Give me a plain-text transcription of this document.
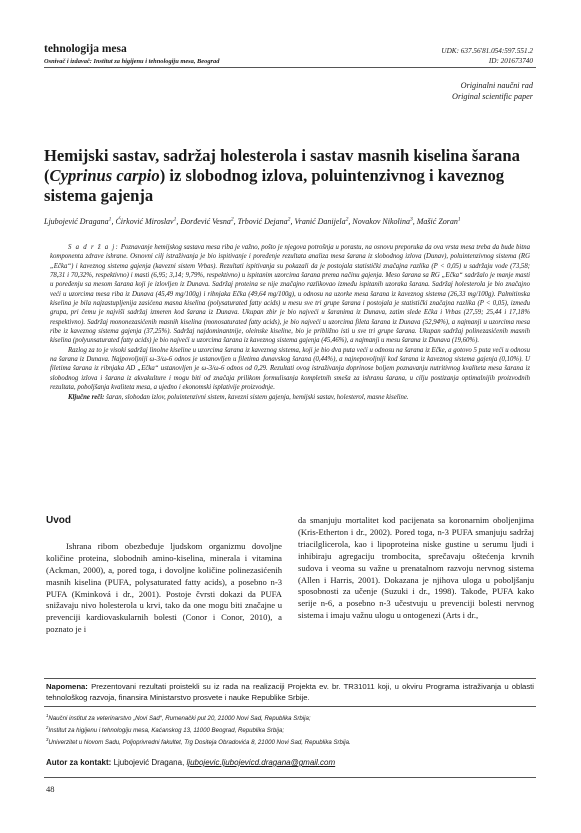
tehnologija mesa
Osnivač i izdavač: Institut za higijenu i tehnologiju mesa, Beograd
UDK: 637.56'81.054:597.551.2
ID: 201673740
Originalni naučni rad
Original scientific paper
Hemijski sastav, sadržaj holesterola i sastav masnih kiselina šarana (Cyprinus carpio) iz slobodnog izlova, poluintenzivnog i kaveznog sistema gajenja
Ljubojević Dragana$^1$, Ćirković Miroslav$^1$, Đorđević Vesna$^2$, Trbović Dejana$^2$, Vranić Danijela$^2$, Novakov Nikolina$^3$, Mašić Zoran$^1$

S a d r ž a j: Poznavanje hemijskog sastava mesa riba je važno, pošto je njegova potrošnja u porastu, na osnovu preporuka da ova vrsta mesa treba da bude bitna komponenta zdrave ishrane. Osnovni cilj istraživanja je bio ispitivanje i poređenje rezultata analiza mesa šarana iz slobodnog izlova (Dunav), poluintenzivnog sistema (RG „Ečka“) i kaveznog sistema gajenja (kavezni sistem Vrbas). Rezultati ispitivanja su pokazali da je postojala statistički značajna razlika (P < 0,05) u sadržaju vode (73,58; 78,31 i 70,32%, respektivno) i masti (6,95; 3,14; 9,79%, respektivno) u ispitanim uzorcima šarana prema načinu gajenja. Meso šarana sa RG „Ečka“ sadržalo je manje masti u poređenju sa mesom šarana koji je izlovljen iz Dunava. Sadržaj proteina se nije značajno razlikovao između ispitanih uzoraka šarana. Sadržaj holesterola je bio značajno veći u uzorcima mesa riba iz Dunava (45,49 mg/100g) i ribnjaka Ečka (49,64 mg/100g), u odnosu na uzorke mesa šarana iz kaveznog sistema (26,33 mg/100g). Palmitinska kiselina je bila najzastupljenija zasićena masna kiselina (polysaturated fatty acids) u mesu sve tri grupe šarana i postojala je statistički značajna razlika (P < 0,05), između grupa, pri čemu je najviši sadržaj izmeren kod šarana iz Dunava. Ukupan zbir je bio najveći u šaranima iz Dunava, zatim slede Ečka i Vrbas (27,59; 25,44 i 17,18% respektivno). Sadržaj mononezasićenih masnih kiselina (monosaturated fatty acids), je bio najveći u uzorcima fileta šarana iz Dunava (52,94%), a najmanji u uzorcima mesa ribe iz kaveznog sistema gajenja (37,25%). Sadržaj najdominantnije, oleinske kiseline, bio je približno isti u sve tri grupe šarana. Ukupan sadržaj polinezasićenih masnih kiselina (polyunsaturated fatty acids) je bio najveći u uzorcima šarana iz kaveznog sistema gajenja (45,46%), a najmanji u mesu šarana iz Dunava (19,60%).

Razlog za to je visoki sadržaj linolne kiseline u uzorcima šarana iz kaveznog sistema, koji je bio dva puta veći u odnosu na šarana iz Ečke, a gotovo 5 puta veći u odnosu na šarana iz Dunava. Najpovoljniji ω-3/ω-6 odnos je ustanovljen u filetima dunavskog šarana (0,44%), a najnepovoljniji kod šarana iz kaveznog sistema gajenja (0,10%). U filetima šarana iz ribnjaka AD „Ečka“ ustanovljen je ω-3/ω-6 odnos od 0,29. Rezultati ovog istraživanja doprinose boljem poznavanju nutritivnog kvaliteta mesa šarana iz slobodnog izlova i šarana iz akvakulture i mogu biti od značaja prilikom formulisanja kompletnih smeša za ishranu šarana, u cilju postizanja optimalnijih proizvodnih rezultata, poboljšanja kvaliteta mesa, a ujedno i ekonomski isplativije proizvodnje.

Ključne reči: šaran, slobodan izlov, poluintenzivni sistem, kavezni sistem gajenja, hemijski sastav, holesterol, masne kiseline.

Uvod

Ishrana ribom obezbeđuje ljudskom organizmu dovoljne količine proteina, slobodnih amino-kiselina, minerala i vitamina (Ackman, 2000), a, pored toga, i dovoljne količine polinezasićenih masnih kiselina (PUFA, polysaturated fatty acids), a posebno n-3 PUFA (Kminková i dr., 2001). Postoje čvrsti dokazi da PUFA snižavaju nivo holesterola u krvi, tako da one mogu biti značajne u prevenciji kardiovaskularnih bolesti (Conor i Conor, 2010), a poznato je i

da smanjuju mortalitet kod pacijenata sa koronarnim oboljenjima (Kris-Etherton i dr., 2002). Pored toga, n-3 PUFA smanjuju sadržaj triacilglicerola, kao i lipoproteina niske gustine u serumu ljudi i inhibiraju agregaciju trombocita, sprečavaju oštećenja krvnih sudova i veoma su važne u prenatalnom razvoju nervnog sistema (Allen i Harris, 2001). Dokazana je njihova uloga u poboljšanju sposobnosti za učenje (Suzuki i dr., 1998). Takođe, PUFA kako serije n-6, a posebno n-3 učestvuju u prevenciji bolesti nervnog sistema i imaju važnu ulogu u ontogenezi (Arts i dr.,

Napomena: Prezentovani rezultati proistekli su iz rada na realizaciji Projekta ev. br. TR31011 koji, u okviru Programa istraživanja u oblasti tehnološkog razvoja, finansira Ministarstvo prosvete i nauke Republike Srbije.
$^1$Naučni institut za veterinarstvo „Novi Sad“, Rumenački put 20, 21000 Novi Sad, Republika Srbija;
$^2$Institut za higijenu i tehnologiju mesa, Kaćanskog 13, 11000 Beograd, Republika Srbija;
$^3$Univerzitet u Novom Sadu, Poljoprivredni fakultet, Trg Dositeja Obradovića 8, 21000 Novi Sad, Republika Srbija.
Autor za kontakt: Ljubojević Dragana, ljubojevic.ljubojevicd.dragana@gmail.com
48
